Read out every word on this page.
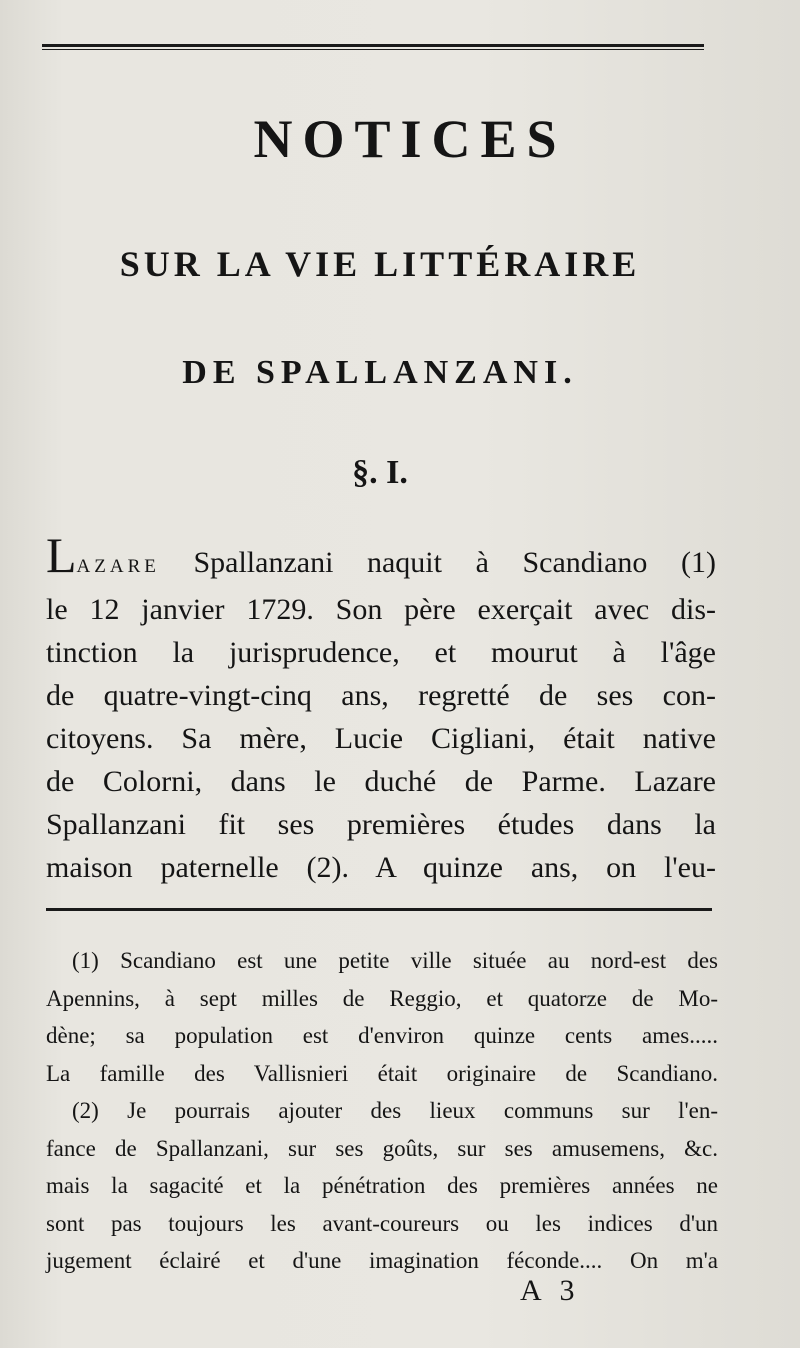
NOTICES
SUR LA VIE LITTÉRAIRE
DE SPALLANZANI.
§. I.
LAZARE Spallanzani naquit à Scandiano (1)
le 12 janvier 1729. Son père exerçait avec dis-
tinction la jurisprudence, et mourut à l'âge
de quatre-vingt-cinq ans, regretté de ses con-
citoyens. Sa mère, Lucie Cigliani, était native
de Colorni, dans le duché de Parme. Lazare
Spallanzani fit ses premières études dans la
maison paternelle (2). A quinze ans, on l'eu-
(1) Scandiano est une petite ville située au nord-est des
Apennins, à sept milles de Reggio, et quatorze de Mo-
dène; sa population est d'environ quinze cents ames.....
La famille des Vallisnieri était originaire de Scandiano.
(2) Je pourrais ajouter des lieux communs sur l'en-
fance de Spallanzani, sur ses goûts, sur ses amusemens, &c.
mais la sagacité et la pénétration des premières années ne
sont pas toujours les avant-coureurs ou les indices d'un
jugement éclairé et d'une imagination féconde.... On m'a
A 3
